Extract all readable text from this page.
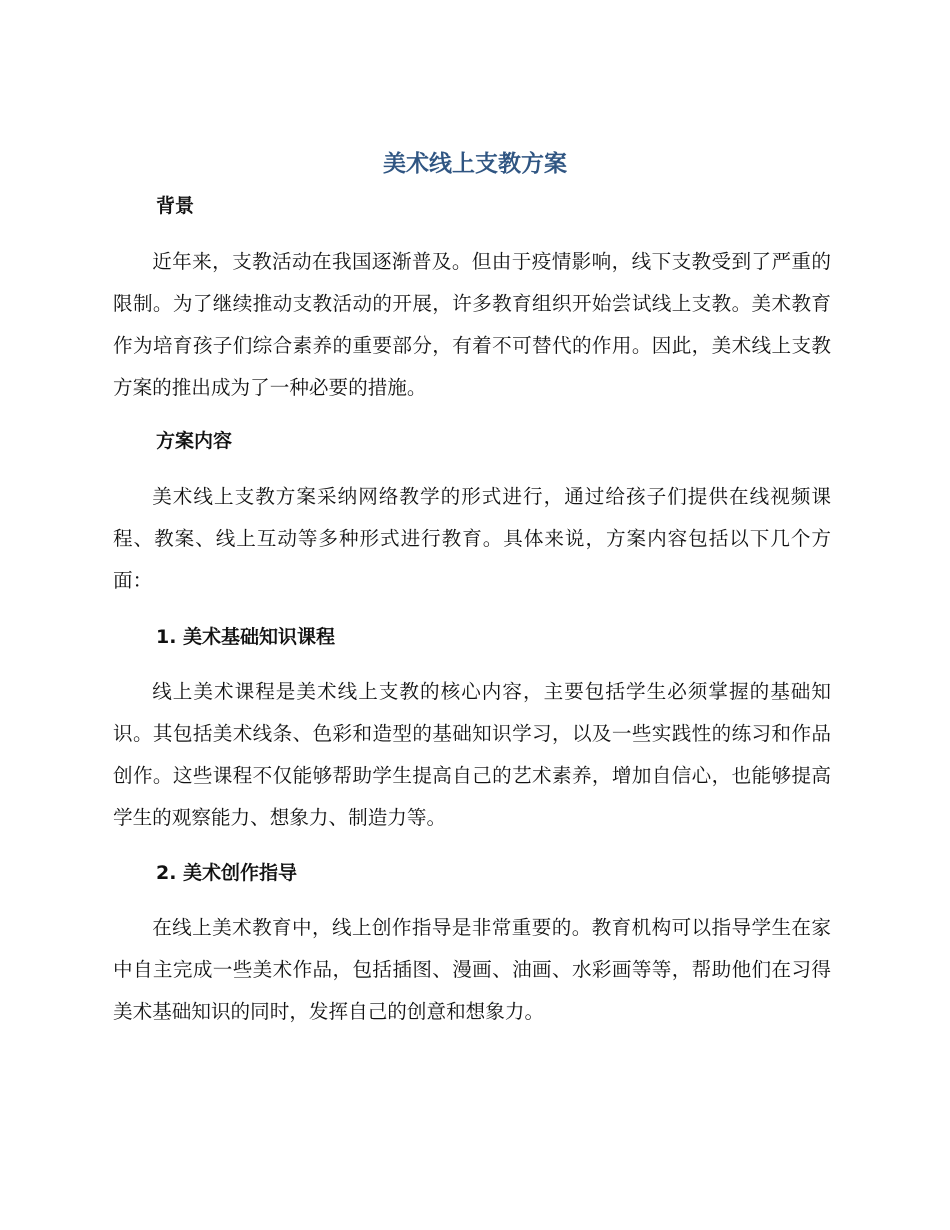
美术线上支教方案
背景

近年来，支教活动在我国逐渐普及。但由于疫情影响，线下支教受到了严重的限制。为了继续推动支教活动的开展，许多教育组织开始尝试线上支教。美术教育作为培育孩子们综合素养的重要部分，有着不可替代的作用。因此，美术线上支教方案的推出成为了一种必要的措施。

方案内容

美术线上支教方案采纳网络教学的形式进行，通过给孩子们提供在线视频课程、教案、线上互动等多种形式进行教育。具体来说，方案内容包括以下几个方面：

1. 美术基础知识课程

线上美术课程是美术线上支教的核心内容，主要包括学生必须掌握的基础知识。其包括美术线条、色彩和造型的基础知识学习，以及一些实践性的练习和作品创作。这些课程不仅能够帮助学生提高自己的艺术素养，增加自信心，也能够提高学生的观察能力、想象力、制造力等。

2. 美术创作指导

在线上美术教育中，线上创作指导是非常重要的。教育机构可以指导学生在家中自主完成一些美术作品，包括插图、漫画、油画、水彩画等等，帮助他们在习得美术基础知识的同时，发挥自己的创意和想象力。
